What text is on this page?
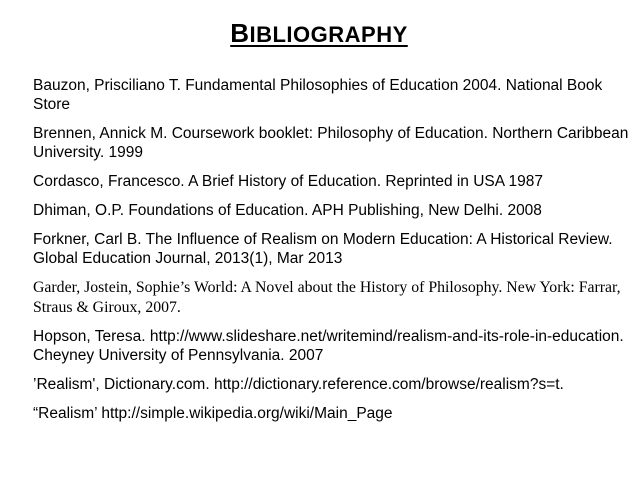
BIBLIOGRAPHY
Bauzon, Prisciliano T. Fundamental Philosophies of Education 2004. National Book Store
Brennen, Annick M. Coursework booklet: Philosophy of Education. Northern Caribbean University. 1999
Cordasco, Francesco. A Brief History of Education. Reprinted in USA 1987
Dhiman, O.P. Foundations of Education. APH Publishing, New Delhi. 2008
Forkner, Carl B. The Influence of Realism on Modern Education: A Historical Review. Global Education Journal, 2013(1), Mar 2013
Garder, Jostein, Sophie’s World: A Novel about the History of Philosophy. New York: Farrar, Straus & Giroux, 2007.
Hopson, Teresa. http://www.slideshare.net/writemind/realism-and-its-role-in-education. Cheyney University of Pennsylvania. 2007
’Realism', Dictionary.com. http://dictionary.reference.com/browse/realism?s=t.
“Realism’ http://simple.wikipedia.org/wiki/Main_Page
